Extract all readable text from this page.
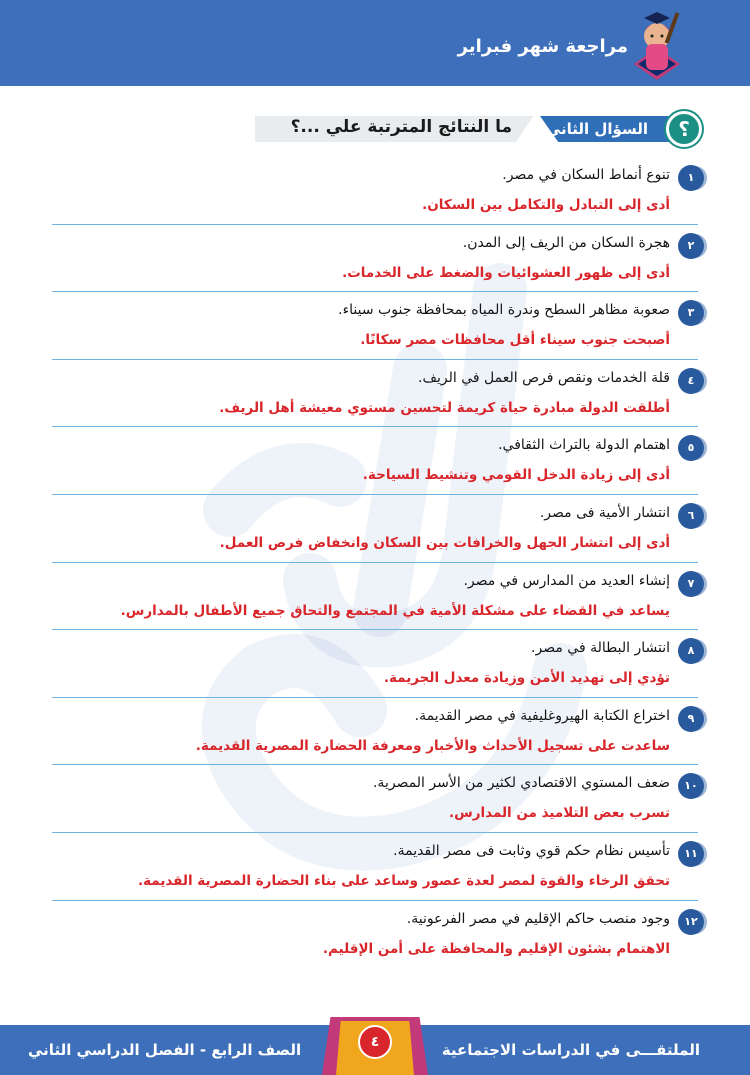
مراجعة شهر فبراير
ما النتائج المترتبة علي ...؟ السؤال الثاني	؟
١
تنوع أنماط السكان في مصر.
أدى إلى التبادل والتكامل بين السكان.
٢
هجرة السكان من الريف إلى المدن.
أدى إلى ظهور العشوائيات والضغط على الخدمات.
٣
صعوبة مظاهر السطح وندرة المياه بمحافظة جنوب سيناء.
أصبحت جنوب سيناء أقل محافظات مصر سكانًا.
٤
قلة الخدمات ونقص فرص العمل في الريف.
أطلقت الدولة مبادرة حياة كريمة لتحسين مستوي معيشة أهل الريف.
٥
اهتمام الدولة بالتراث الثقافي.
أدى إلى زيادة الدخل القومي وتنشيط السياحة.
٦
انتشار الأمية فى مصر.
أدى إلى انتشار الجهل والخرافات بين السكان وانخفاض فرص العمل.
٧
إنشاء العديد من المدارس في مصر.
يساعد في القضاء على مشكلة الأمية في المجتمع والتحاق جميع الأطفال بالمدارس.
٨
انتشار البطالة في مصر.
تؤدي إلى تهديد الأمن وزيادة معدل الجريمة.
٩
اختراع الكتابة الهيروغليفية في مصر القديمة.
ساعدت على تسجيل الأحداث والأخبار ومعرفة الحضارة المصرية القديمة.
١٠
ضعف المستوي الاقتصادي لكثير من الأسر المصرية.
تسرب بعض التلاميذ من المدارس.
١١
تأسيس نظام حكم قوي وثابت فى مصر القديمة.
تحقق الرخاء والقوة لمصر لعدة عصور وساعد على بناء الحضارة المصرية القديمة.
١٢
وجود منصب حاكم الإقليم في مصر الفرعونية.
الاهتمام بشئون الإقليم والمحافظة على أمن الإقليم.
الملتقـــى في الدراسات الاجتماعية
الصف الرابع - الفصل الدراسي الثاني	٤
